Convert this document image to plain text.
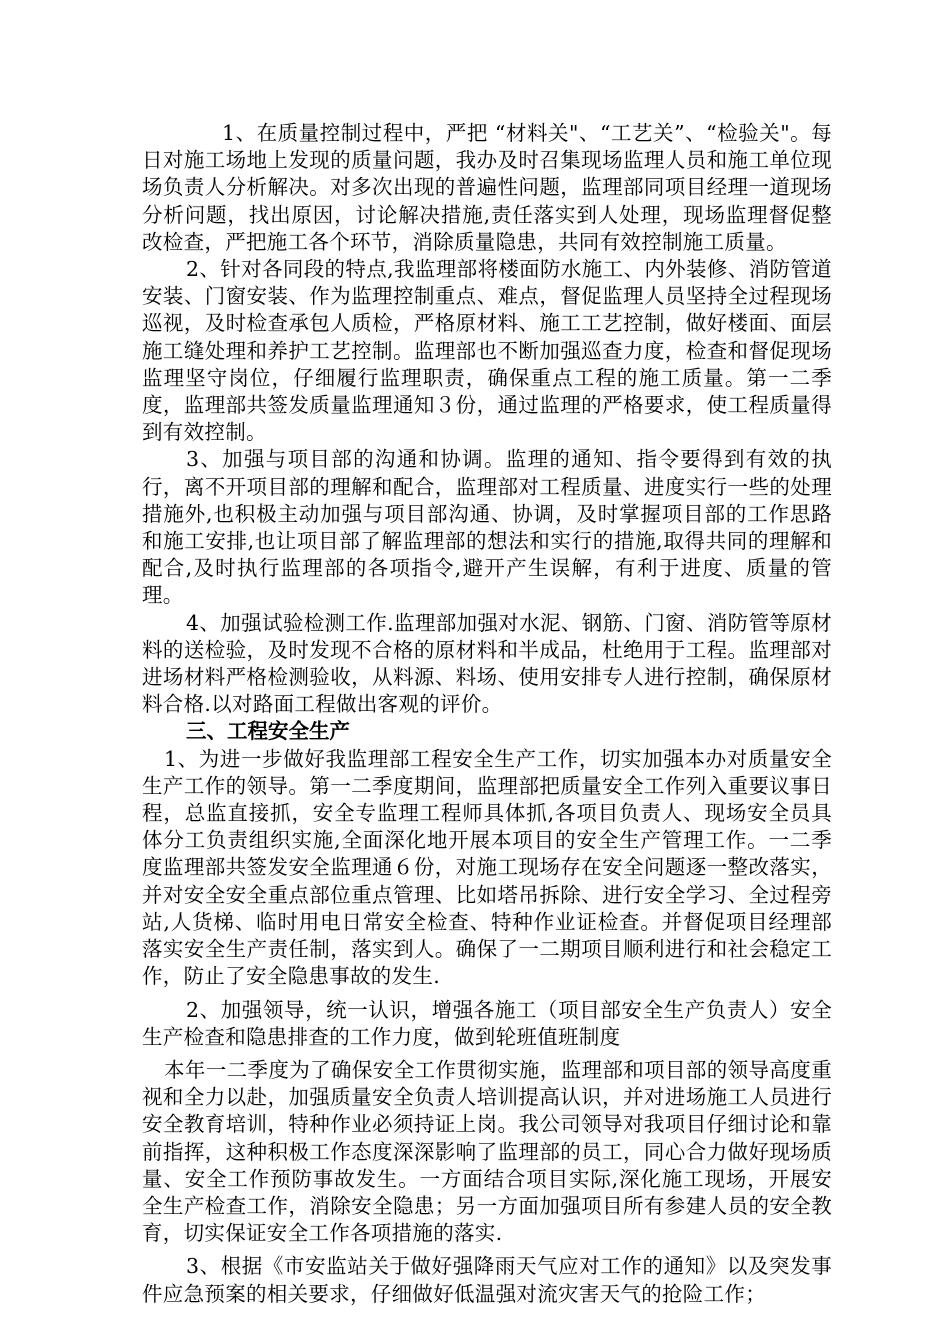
1、在质量控制过程中，严把 “材料关"、“工艺关”、“检验关"。每日对施工场地上发现的质量问题，我办及时召集现场监理人员和施工单位现场负责人分析解决。对多次出现的普遍性问题，监理部同项目经理一道现场分析问题，找出原因，讨论解决措施,责任落实到人处理，现场监理督促整改检查，严把施工各个环节，消除质量隐患，共同有效控制施工质量。

2、针对各同段的特点,我监理部将楼面防水施工、内外装修、消防管道安装、门窗安装、作为监理控制重点、难点，督促监理人员坚持全过程现场巡视，及时检查承包人质检，严格原材料、施工工艺控制，做好楼面、面层施工缝处理和养护工艺控制。监理部也不断加强巡查力度，检查和督促现场监理坚守岗位，仔细履行监理职责，确保重点工程的施工质量。第一二季度，监理部共签发质量监理通知３份，通过监理的严格要求，使工程质量得到有效控制。

3、加强与项目部的沟通和协调。监理的通知、指令要得到有效的执行，离不开项目部的理解和配合，监理部对工程质量、进度实行一些的处理措施外,也积极主动加强与项目部沟通、协调，及时掌握项目部的工作思路和施工安排,也让项目部了解监理部的想法和实行的措施,取得共同的理解和配合,及时执行监理部的各项指令,避开产生误解，有利于进度、质量的管理。

4、加强试验检测工作.监理部加强对水泥、钢筋、门窗、消防管等原材料的送检验，及时发现不合格的原材料和半成品，杜绝用于工程。监理部对进场材料严格检测验收，从料源、料场、使用安排专人进行控制，确保原材料合格.以对路面工程做出客观的评价。

三、工程安全生产

1、为进一步做好我监理部工程安全生产工作，切实加强本办对质量安全生产工作的领导。第一二季度期间，监理部把质量安全工作列入重要议事日程，总监直接抓，安全专监理工程师具体抓,各项目负责人、现场安全员具体分工负责组织实施,全面深化地开展本项目的安全生产管理工作。一二季度监理部共签发安全监理通６份，对施工现场存在安全问题逐一整改落实，并对安全安全重点部位重点管理、比如塔吊拆除、进行安全学习、全过程旁站,人货梯、临时用电日常安全检查、特种作业证检查。并督促项目经理部落实安全生产责任制，落实到人。确保了一二期项目顺利进行和社会稳定工作，防止了安全隐患事故的发生.

2、加强领导，统一认识，增强各施工（项目部安全生产负责人）安全生产检查和隐患排查的工作力度，做到轮班值班制度

本年一二季度为了确保安全工作贯彻实施，监理部和项目部的领导高度重视和全力以赴，加强质量安全负责人培训提高认识，并对进场施工人员进行安全教育培训，特种作业必须持证上岗。我公司领导对我项目仔细讨论和靠前指挥，这种积极工作态度深深影响了监理部的员工，同心合力做好现场质量、安全工作预防事故发生。一方面结合项目实际,深化施工现场，开展安全生产检查工作，消除安全隐患；另一方面加强项目所有参建人员的安全教育，切实保证安全工作各项措施的落实.

3、根据《市安监站关于做好强降雨天气应对工作的通知》以及突发事件应急预案的相关要求，仔细做好低温强对流灾害天气的抢险工作；
